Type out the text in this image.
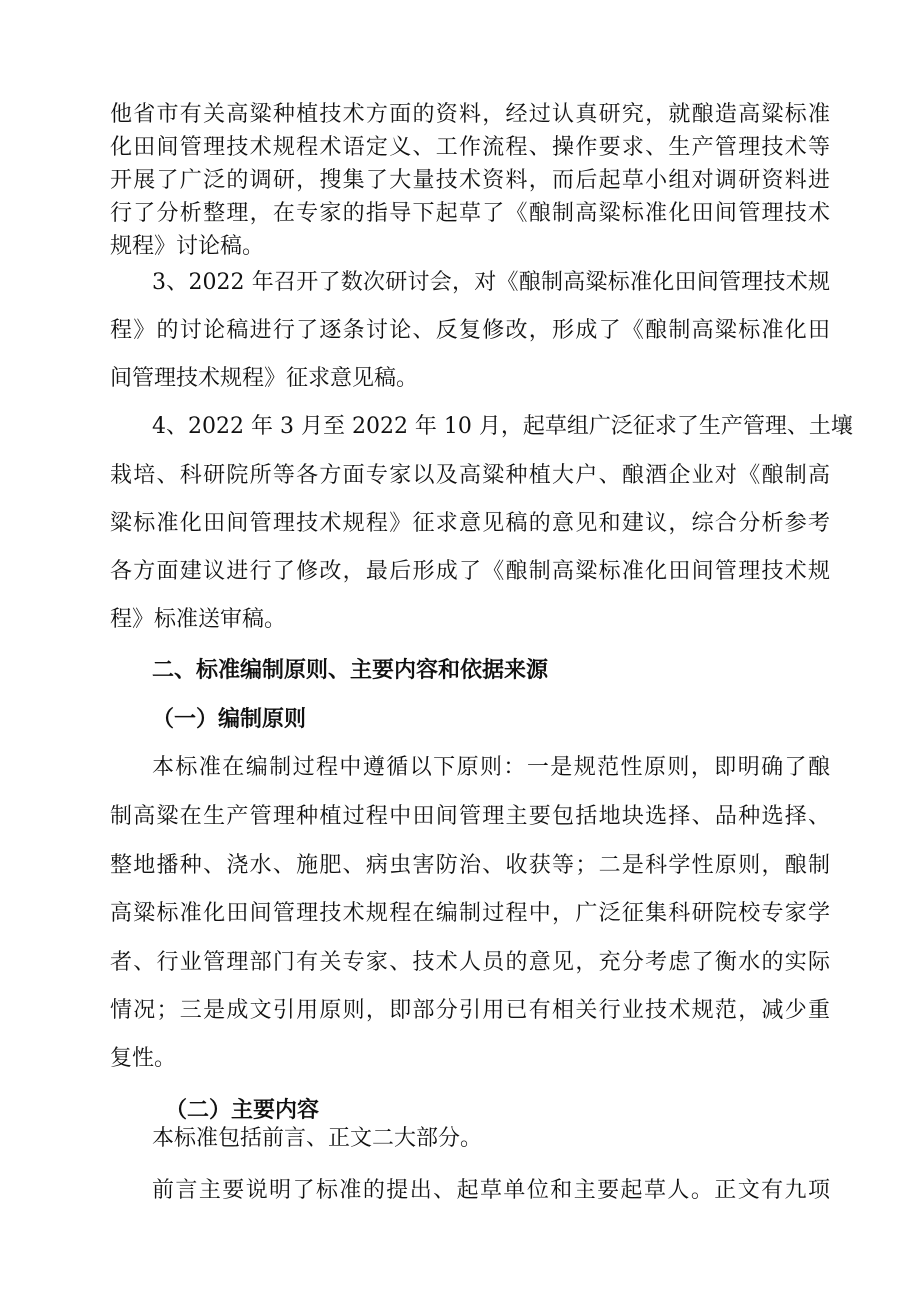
他省市有关高粱种植技术方面的资料，经过认真研究，就酿造高粱标准
化田间管理技术规程术语定义、工作流程、操作要求、生产管理技术等
开展了广泛的调研，搜集了大量技术资料，而后起草小组对调研资料进
行了分析整理，在专家的指导下起草了《酿制高粱标准化田间管理技术
规程》讨论稿。
3、2022 年召开了数次研讨会，对《酿制高粱标准化田间管理技术规
程》的讨论稿进行了逐条讨论、反复修改，形成了《酿制高粱标准化田
间管理技术规程》征求意见稿。
4、2022 年 3 月至 2022 年 10 月，起草组广泛征求了生产管理、土壤
栽培、科研院所等各方面专家以及高粱种植大户、酿酒企业对《酿制高
粱标准化田间管理技术规程》征求意见稿的意见和建议，综合分析参考
各方面建议进行了修改，最后形成了《酿制高粱标准化田间管理技术规
程》标准送审稿。
二、标准编制原则、主要内容和依据来源
（一）编制原则
本标准在编制过程中遵循以下原则：一是规范性原则，即明确了酿
制高粱在生产管理种植过程中田间管理主要包括地块选择、品种选择、
整地播种、浇水、施肥、病虫害防治、收获等；二是科学性原则，酿制
高粱标准化田间管理技术规程在编制过程中，广泛征集科研院校专家学
者、行业管理部门有关专家、技术人员的意见，充分考虑了衡水的实际
情况；三是成文引用原则，即部分引用已有相关行业技术规范，减少重
复性。
（二）主要内容
本标准包括前言、正文二大部分。
前言主要说明了标准的提出、起草单位和主要起草人。正文有九项
